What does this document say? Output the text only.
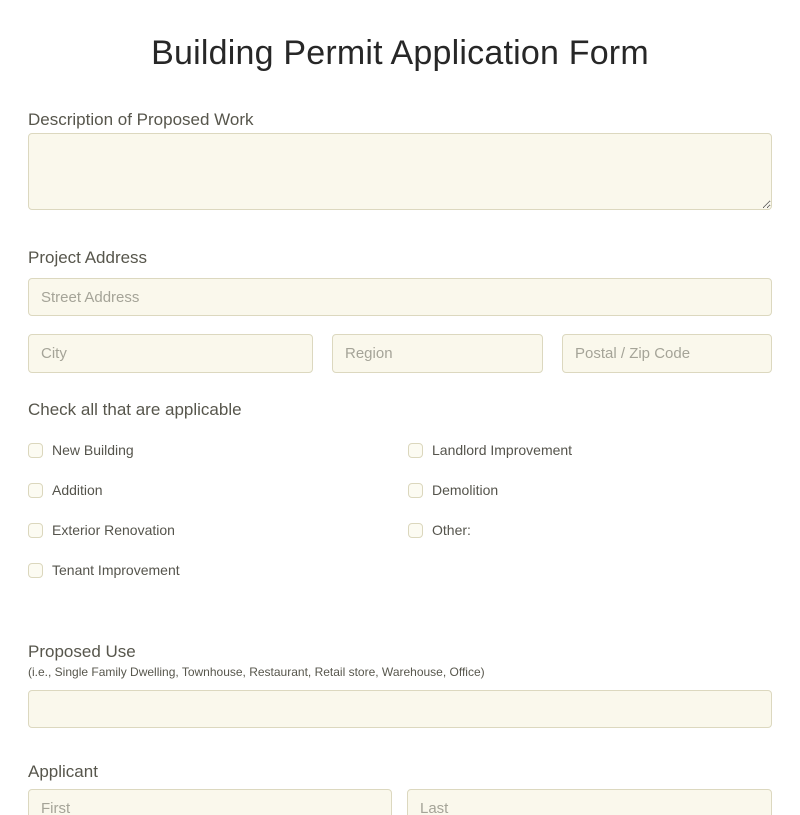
Building Permit Application Form
Description of Proposed Work
Project Address
Street Address
City
Region
Postal / Zip Code
Check all that are applicable
New Building
Addition
Exterior Renovation
Tenant Improvement
Landlord Improvement
Demolition
Other:
Proposed Use
(i.e., Single Family Dwelling, Townhouse, Restaurant, Retail store, Warehouse, Office)
Applicant
First
Last
